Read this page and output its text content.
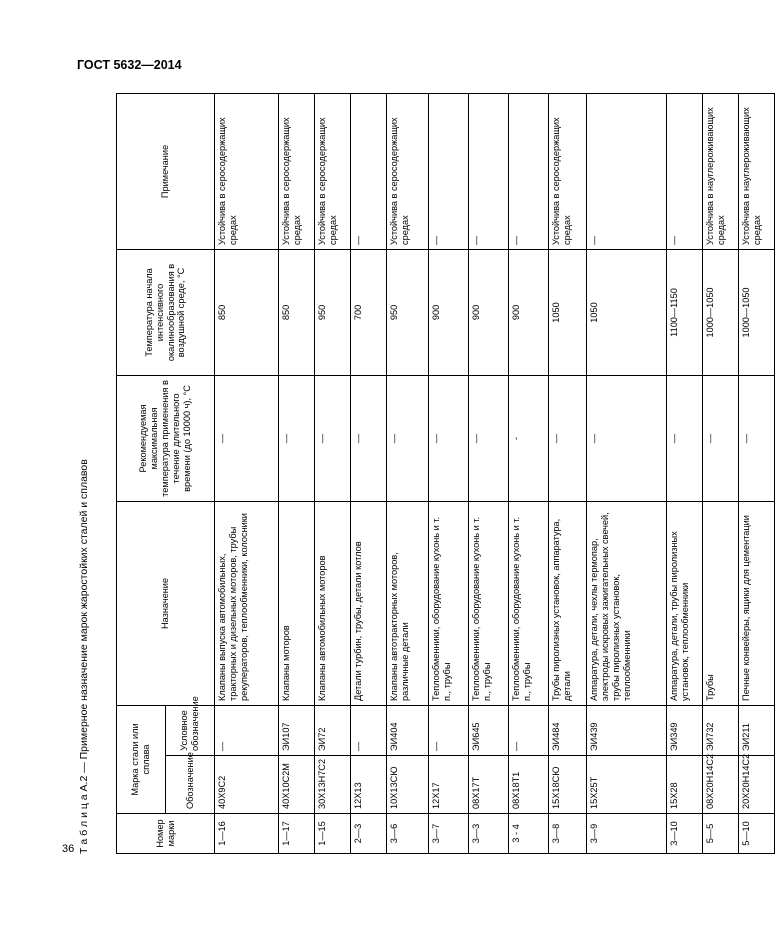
ГОСТ 5632—2014
Т а б л и ц а А.2 — Примерное назначение марок жаростойких сталей и сплавов	Номер марки	Марка стали или сплава		Назначение	Рекомендуемая максимальная температура применения в течение длительного времени (до 10000 ч), °С	Температура начала интенсивного окалинообразования в воздушной среде, °С	Примечание
	Обозначение	Условное обозначение				
1—16	40Х9С2	—	Клапаны выпуска автомобильных, тракторных и дизельных моторов, трубы рекуператоров, теплообменники, колосники	—	850	Устойчива в серосодержащих средах
1—17	40Х10С2М	ЭИ107	Клапаны моторов	—	850	Устойчива в серосодержащих средах
1—15	30Х13Н7С2	ЭИ72	Клапаны автомобильных моторов	—	950	Устойчива в серосодержащих средах
2—3	12Х13	—	Детали турбин, трубы, детали котлов	—	700	—
3—6	10Х13СЮ	ЭИ404	Клапаны автотракторных моторов, различные детали	—	950	Устойчива в серосодержащих средах
3—7	12Х17	—	Теплообменники, оборудование кухонь и т. п., трубы	—	900	—
3—3	08Х17Т	ЭИ645	Теплообменники, оборудование кухонь и т. п., трубы	—	900	—
3 - 4	08Х18Т1	—	Теплообменники, оборудование кухонь и т. п., трубы	-	900	—
3—8	15Х18СЮ	ЭИ484	Трубы пиролизных установок, аппаратура, детали	—	1050	Устойчива в серосодержащих средах
3—9	15Х25Т	ЭИ439	Аппаратура, детали, чехлы термопар, электроды искровых зажигательных свечей, трубы пиролизных установок, теплообменники	—	1050	—
3—10	15Х28	ЭИ349	Аппаратура, детали, трубы пиролизных установок, теплообменники	—	1100—1150	—
5—5	08Х20Н14С2	ЭИ732	Трубы	—	1000—1050	Устойчива в науглероживающих средах
5—10	20Х20Н14С2	ЭИ211	Печные конвейеры, ящики для цементации	—	1000—1050	Устойчива в науглероживающих средах
36
